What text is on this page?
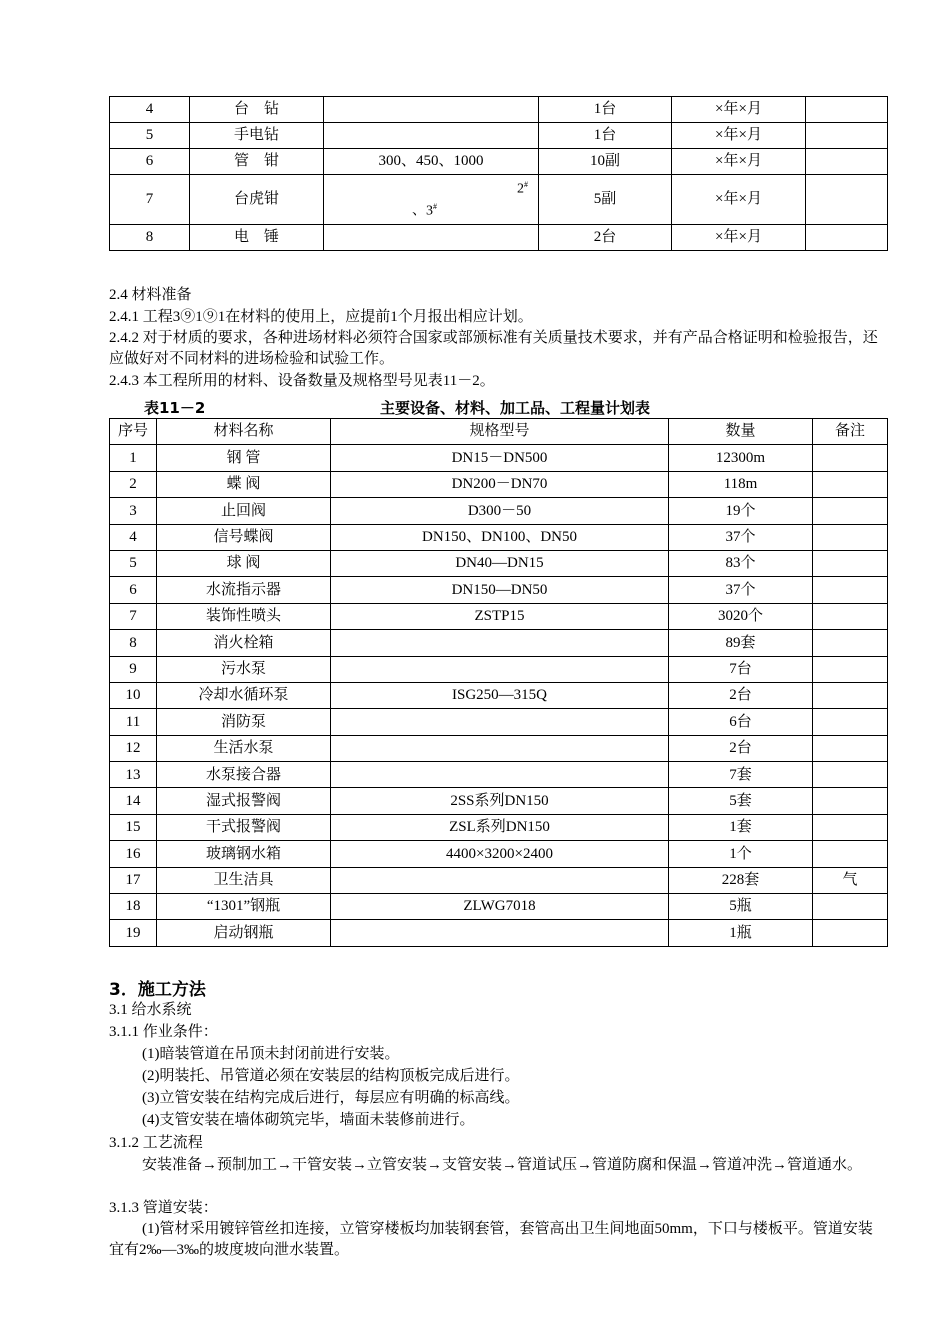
4	台　钻		1台	×年×月	
5	手电钻		1台	×年×月	
6	管　钳	300、450、1000	10副	×年×月	
7	台虎钳	2#
、3#	5副	×年×月	
8	电　锤		2台	×年×月	
2.4 材料准备
2.4.1 工程3⑨1⑨1在材料的使用上，应提前1个月报出相应计划。
2.4.2 对于材质的要求，各种进场材料必须符合国家或部颁标准有关质量技术要求，并有产品合格证明和检验报告，还应做好对不同材料的进场检验和试验工作。
2.4.3 本工程所用的材料、设备数量及规格型号见表11－2。
表11－2	主要设备、材料、加工品、工程量计划表
序号	材料名称	规格型号	数量	备注
1	钢 管	DN15－DN500	12300m	
2	蝶 阀	DN200－DN70	118m	
3	止回阀	D300－50	19个	
4	信号蝶阀	DN150、DN100、DN50	37个	
5	球 阀	DN40—DN15	83个	
6	水流指示器	DN150—DN50	37个	
7	装饰性喷头	ZSTP15	3020个	
8	消火栓箱		89套	
9	污水泵		7台	
10	冷却水循环泵	ISG250—315Q	2台	
11	消防泵		6台	
12	生活水泵		2台	
13	水泵接合器		7套	
14	湿式报警阀	2SS系列DN150	5套	
15	干式报警阀	ZSL系列DN150	1套	
16	玻璃钢水箱	4400×3200×2400	1个	
17	卫生洁具		228套	气
18	“1301”钢瓶	ZLWG7018	5瓶	
19	启动钢瓶		1瓶	
3．施工方法
3.1 给水系统
3.1.1 作业条件：
(1)暗装管道在吊顶未封闭前进行安装。
(2)明装托、吊管道必须在安装层的结构顶板完成后进行。
(3)立管安装在结构完成后进行，每层应有明确的标高线。
(4)支管安装在墙体砌筑完毕，墙面未装修前进行。
3.1.2 工艺流程
安装准备→预制加工→干管安装→立管安装→支管安装→管道试压→管道防腐和保温→管道冲洗→管道通水。
3.1.3 管道安装：
(1)管材采用镀锌管丝扣连接，立管穿楼板均加装钢套管，套管高出卫生间地面50mm，下口与楼板平。管道安装宜有2‰—3‰的坡度坡向泄水装置。
